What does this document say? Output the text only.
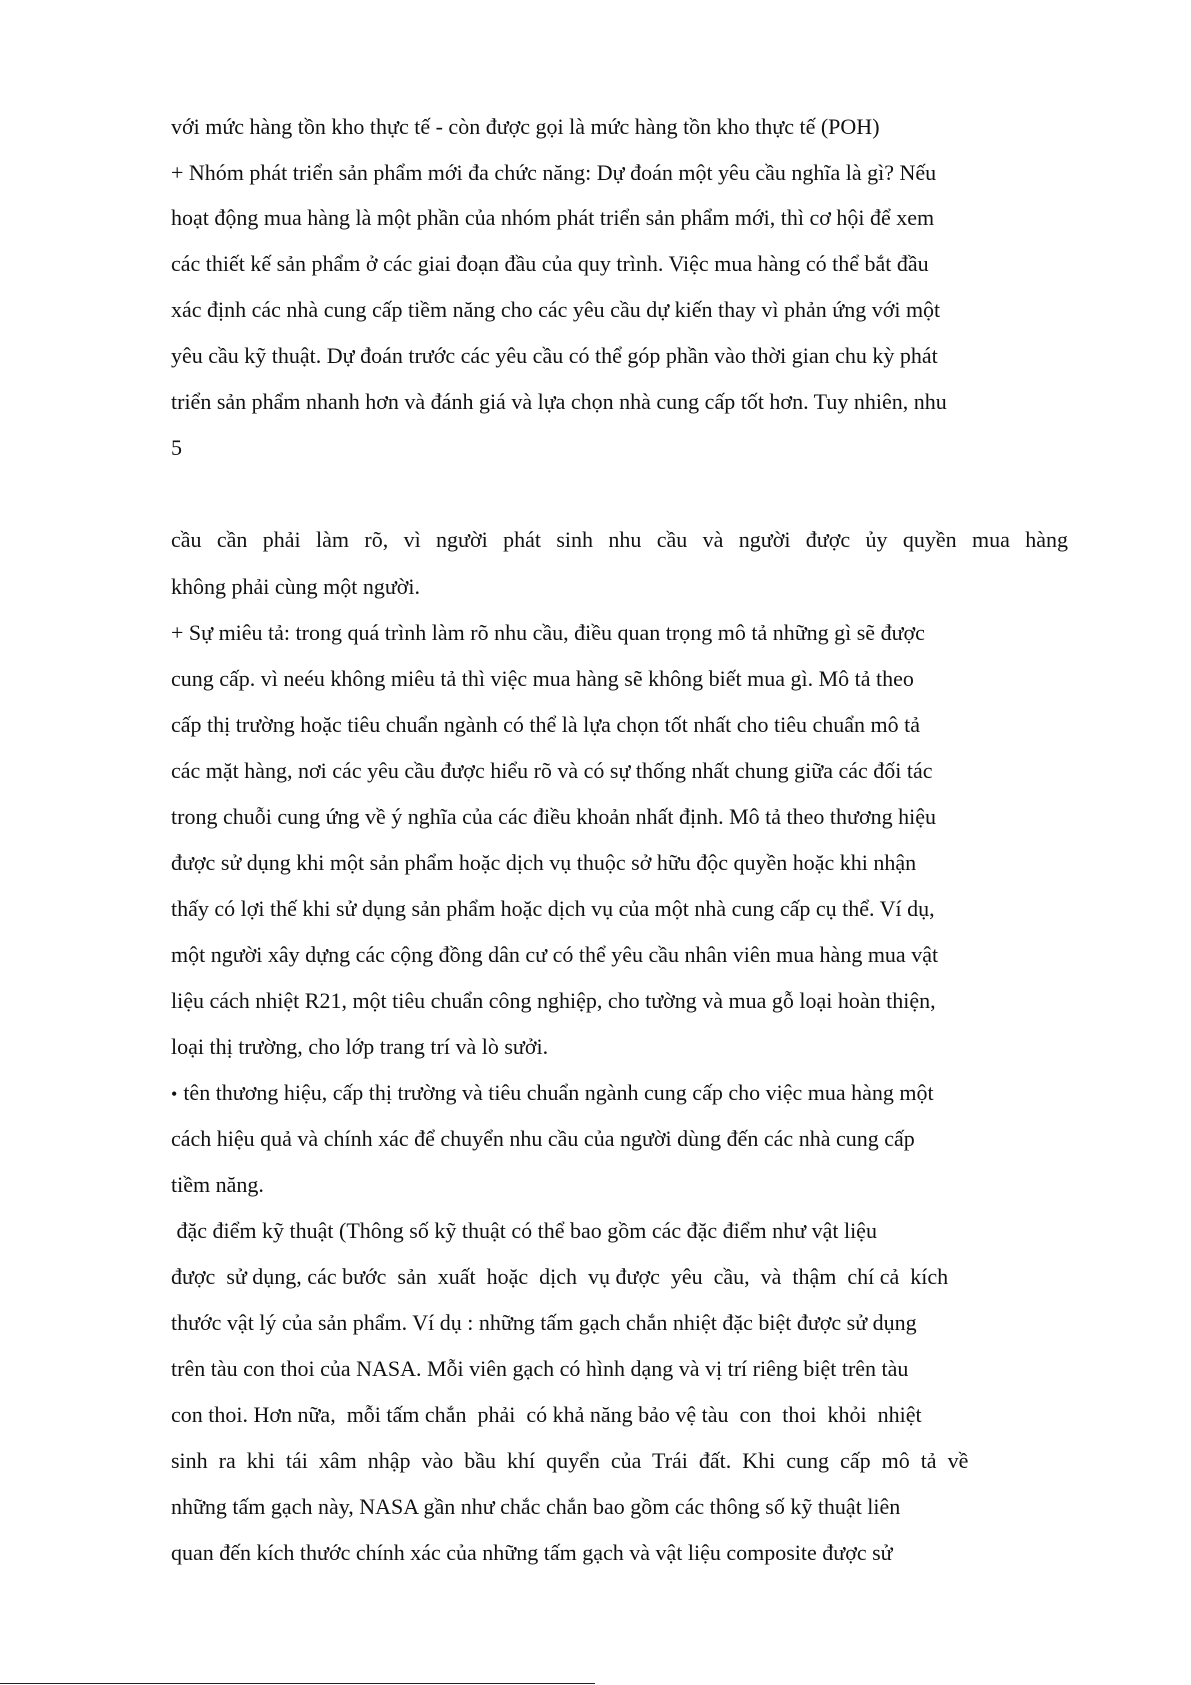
với mức hàng tồn kho thực tế - còn được gọi là mức hàng tồn kho thực tế (POH)
+ Nhóm phát triển sản phẩm mới đa chức năng: Dự đoán một yêu cầu nghĩa là gì? Nếu
hoạt động mua hàng là một phần của nhóm phát triển sản phẩm mới, thì cơ hội để xem
các thiết kế sản phẩm ở các giai đoạn đầu của quy trình. Việc mua hàng có thể bắt đầu
xác định các nhà cung cấp tiềm năng cho các yêu cầu dự kiến thay vì phản ứng với một
yêu cầu kỹ thuật. Dự đoán trước các yêu cầu có thể góp phần vào thời gian chu kỳ phát
triển sản phẩm nhanh hơn và đánh giá và lựa chọn nhà cung cấp tốt hơn. Tuy nhiên, nhu
5
cầu cần phải làm rõ, vì người phát sinh nhu cầu và người được ủy quyền mua hàng
không phải cùng một người.
+ Sự miêu tả: trong quá trình làm rõ nhu cầu, điều quan trọng mô tả những gì sẽ được
cung cấp. vì neéu không miêu tả thì việc mua hàng sẽ không biết mua gì. Mô tả theo
cấp thị trường hoặc tiêu chuẩn ngành có thể là lựa chọn tốt nhất cho tiêu chuẩn mô tả
các mặt hàng, nơi các yêu cầu được hiểu rõ và có sự thống nhất chung giữa các đối tác
trong chuỗi cung ứng về ý nghĩa của các điều khoản nhất định. Mô tả theo thương hiệu
được sử dụng khi một sản phẩm hoặc dịch vụ thuộc sở hữu độc quyền hoặc khi nhận
thấy có lợi thế khi sử dụng sản phẩm hoặc dịch vụ của một nhà cung cấp cụ thể. Ví dụ,
một người xây dựng các cộng đồng dân cư có thể yêu cầu nhân viên mua hàng mua vật
liệu cách nhiệt R21, một tiêu chuẩn công nghiệp, cho tường và mua gỗ loại hoàn thiện,
loại thị trường, cho lớp trang trí và lò sưởi.
• tên thương hiệu, cấp thị trường và tiêu chuẩn ngành cung cấp cho việc mua hàng một
cách hiệu quả và chính xác để chuyển nhu cầu của người dùng đến các nhà cung cấp
tiềm năng.
đặc điểm kỹ thuật (Thông số kỹ thuật có thể bao gồm các đặc điểm như vật liệu
được  sử dụng, các bước  sản  xuất  hoặc  dịch  vụ được  yêu  cầu,  và  thậm  chí cả  kích
thước vật lý của sản phẩm. Ví dụ : những tấm gạch chắn nhiệt đặc biệt được sử dụng
trên tàu con thoi của NASA. Mỗi viên gạch có hình dạng và vị trí riêng biệt trên tàu
con thoi. Hơn nữa,  mỗi tấm chắn  phải  có khả năng bảo vệ tàu  con  thoi  khỏi  nhiệt
sinh  ra  khi  tái  xâm  nhập  vào  bầu  khí  quyển  của  Trái  đất.  Khi  cung  cấp  mô  tả  về
những tấm gạch này, NASA gần như chắc chắn bao gồm các thông số kỹ thuật liên
quan đến kích thước chính xác của những tấm gạch và vật liệu composite được sử
